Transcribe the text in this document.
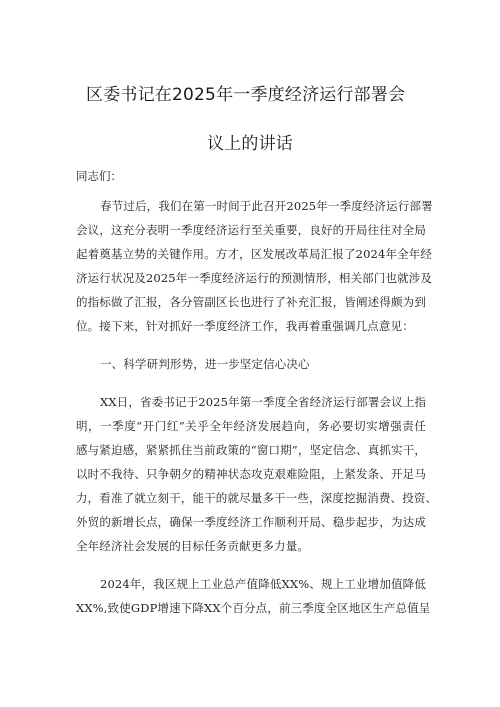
区委书记在2025年一季度经济运行部署会
议上的讲话
同志们：
春节过后，我们在第一时间于此召开2025年一季度经济运行部署
会议，这充分表明一季度经济运行至关重要，良好的开局往往对全局
起着奠基立势的关键作用。方才，区发展改革局汇报了2024年全年经
济运行状况及2025年一季度经济运行的预测情形，相关部门也就涉及
的指标做了汇报，各分管副区长也进行了补充汇报，皆阐述得颇为到
位。接下来，针对抓好一季度经济工作，我再着重强调几点意见：
一、科学研判形势，进一步坚定信心决心
XX日，省委书记于2025年第一季度全省经济运行部署会议上指
明，一季度“开门红”关乎全年经济发展趋向，务必要切实增强责任
感与紧迫感，紧紧抓住当前政策的“窗口期”，坚定信念、真抓实干，
以时不我待、只争朝夕的精神状态攻克艰难险阻，上紧发条、开足马
力，看准了就立刻干，能干的就尽量多干一些，深度挖掘消费、投资、
外贸的新增长点，确保一季度经济工作顺利开局、稳步起步，为达成
全年经济社会发展的目标任务贡献更多力量。
2024年，我区规上工业总产值降低XX%、规上工业增加值降低
XX%,致使GDP增速下降XX个百分点，前三季度全区地区生产总值呈
